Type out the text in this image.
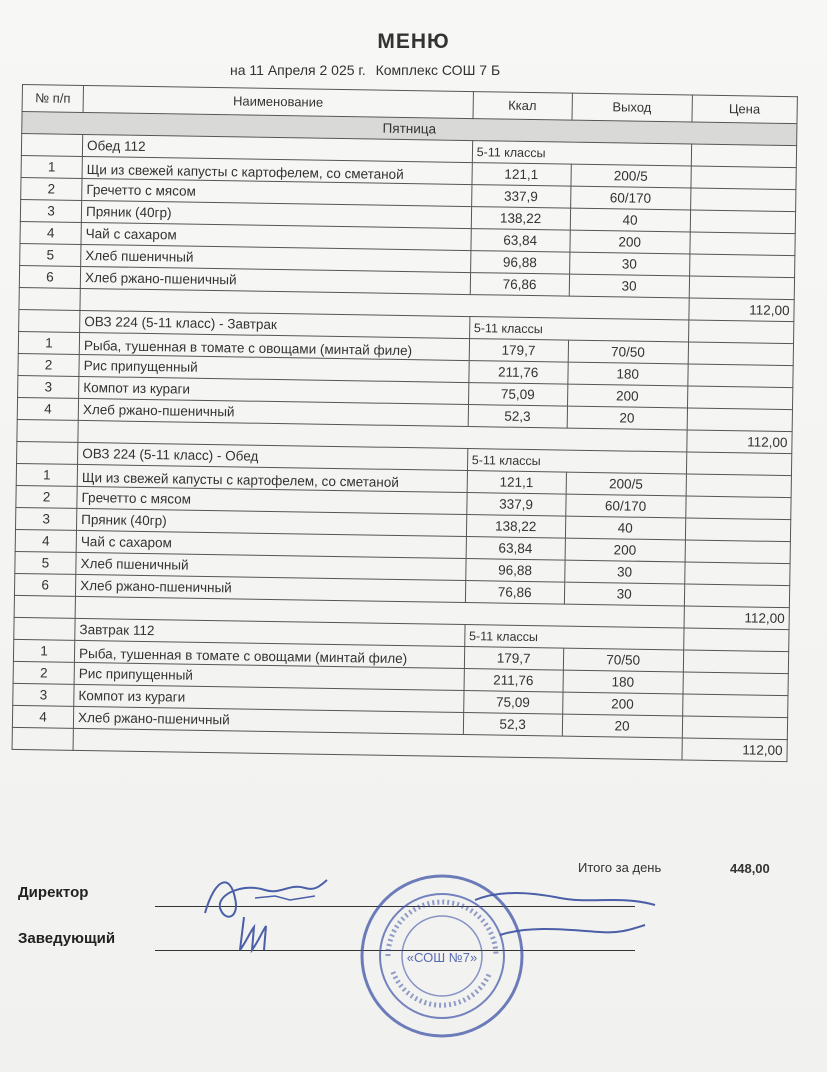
МЕНЮ
на 11 Апреля 2 025 г. Комплекс СОШ 7 Б
№ п/п	Наименование	Ккал	Выход	Цена
Пятница				
	Обед 112	5-11 классы		
1	Щи из свежей капусты с картофелем, со сметаной	121,1	200/5	
2	Гречетто с мясом	337,9	60/170	
3	Пряник (40гр)	138,22	40	
4	Чай с сахаром	63,84	200	
5	Хлеб пшеничный	96,88	30	
6	Хлеб ржано-пшеничный	76,86	30	
				112,00
	ОВЗ 224 (5-11 класс) - Завтрак	5-11 классы		
1	Рыба, тушенная в томате с овощами (минтай филе)	179,7	70/50	
2	Рис припущенный	211,76	180	
3	Компот из кураги	75,09	200	
4	Хлеб ржано-пшеничный	52,3	20	
				112,00
	ОВЗ 224 (5-11 класс) - Обед	5-11 классы		
1	Щи из свежей капусты с картофелем, со сметаной	121,1	200/5	
2	Гречетто с мясом	337,9	60/170	
3	Пряник (40гр)	138,22	40	
4	Чай с сахаром	63,84	200	
5	Хлеб пшеничный	96,88	30	
6	Хлеб ржано-пшеничный	76,86	30	
				112,00
	Завтрак 112	5-11 классы		
1	Рыба, тушенная в томате с овощами (минтай филе)	179,7	70/50	
2	Рис припущенный	211,76	180	
3	Компот из кураги	75,09	200	
4	Хлеб ржано-пшеничный	52,3	20	
				112,00
Итого за день	448,00
Директор
Заведующий
«СОШ №7»
